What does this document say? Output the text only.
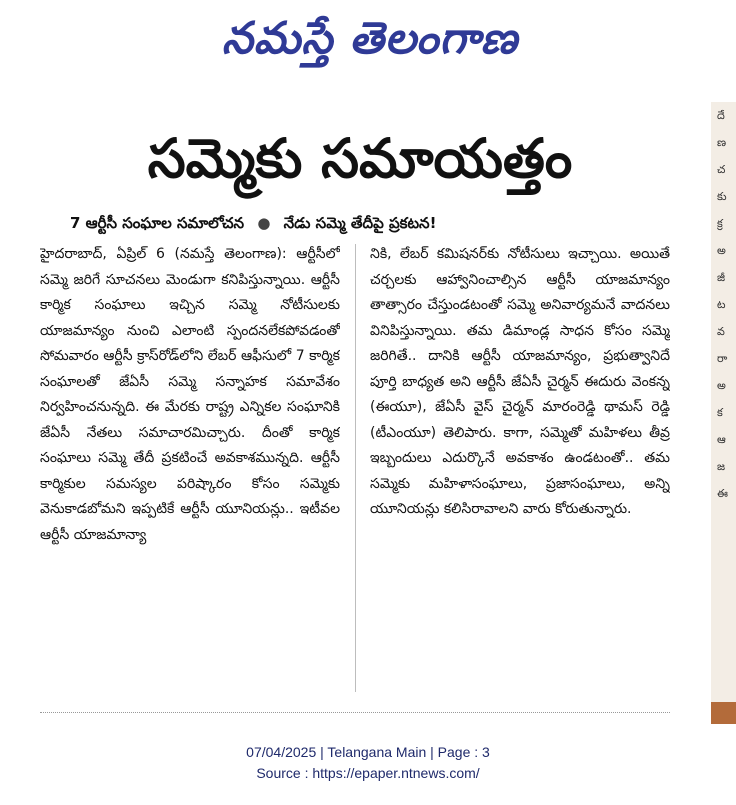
నమస్తే తెలంగాణ
దే
ణ
చ
కు
క్ర
అ
జీ
ట
వ
రా
అ
క
ఆ
జ
ఈ
సమ్మెకు సమాయత్తం
7 ఆర్టీసీ సంఘాల సమాలోచన ● నేడు సమ్మె తేదీపై ప్రకటన!
హైదరాబాద్, ఏప్రిల్ 6 (నమస్తే తెలంగాణ): ఆర్టీసీలో సమ్మె జరిగే సూచనలు మెండుగా కనిపిస్తున్నాయి. ఆర్టీసీ కార్మిక సంఘాలు ఇచ్చిన సమ్మె నోటీసులకు యాజమాన్యం నుంచి ఎలాంటి స్పందనలేకపోవడంతో సోమవారం ఆర్టీసీ క్రాస్‌రోడ్‌లోని లేబర్ ఆఫీసులో 7 కార్మిక సంఘాలతో జేఏసీ సమ్మె సన్నాహక సమావేశం నిర్వహించనున్నది. ఈ మేరకు రాష్ట్ర ఎన్నికల సంఘానికి జేఏసీ నేతలు సమాచారమిచ్చారు. దీంతో కార్మిక సంఘాలు సమ్మె తేదీ ప్రకటించే అవకాశమున్నది. ఆర్టీసీ కార్మికుల సమస్యల పరిష్కారం కోసం సమ్మెకు వెనుకాడబోమని ఇప్పటికే ఆర్టీసీ యూనియన్లు.. ఇటీవల ఆర్టీసీ యాజమాన్యా
నికి, లేబర్ కమిషనర్‌కు నోటీసులు ఇచ్చాయి. అయితే చర్చలకు ఆహ్వానించాల్సిన ఆర్టీసీ యాజమాన్యం తాత్సారం చేస్తుండటంతో సమ్మె అనివార్యమనే వాదనలు వినిపిస్తున్నాయి. తమ డిమాండ్ల సాధన కోసం సమ్మె జరిగితే.. దానికి ఆర్టీసీ యాజమాన్యం, ప్రభుత్వానిదే పూర్తి బాధ్యత అని ఆర్టీసీ జేఏసీ చైర్మన్ ఈదురు వెంకన్న (ఈయూ), జేఏసీ వైస్ చైర్మన్ మారంరెడ్డి థామస్ రెడ్డి (టీఎంయూ) తెలిపారు. కాగా, సమ్మెతో మహిళలు తీవ్ర ఇబ్బందులు ఎదుర్కొనే అవకాశం ఉండటంతో.. తమ సమ్మెకు మహిళాసంఘాలు, ప్రజాసంఘాలు, అన్ని యూనియన్లు కలిసిరావాలని వారు కోరుతున్నారు.
07/04/2025 | Telangana Main | Page : 3
Source : https://epaper.ntnews.com/
